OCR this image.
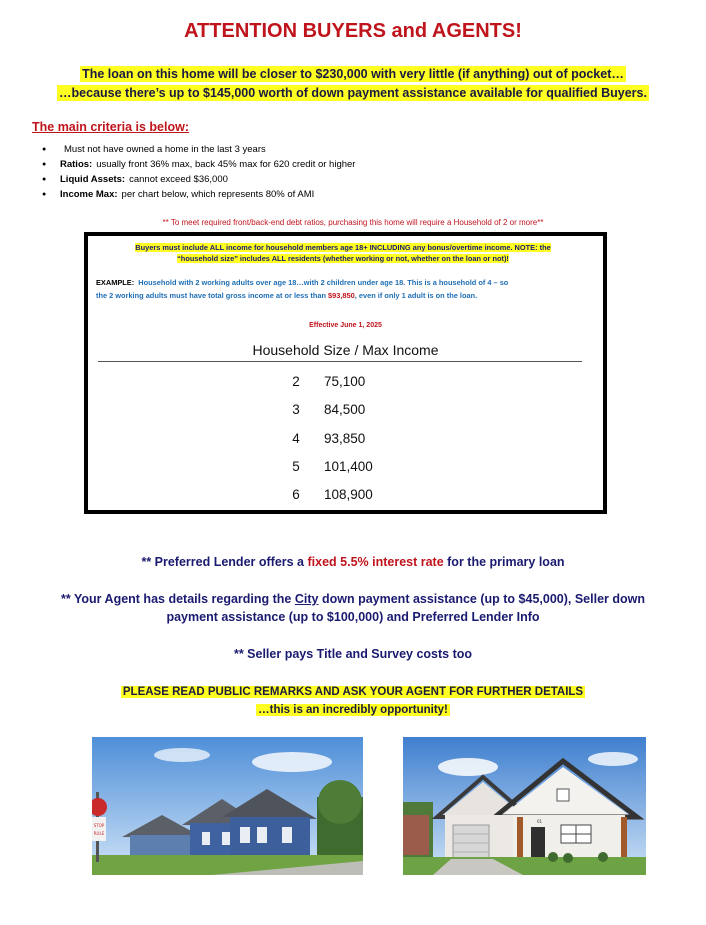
ATTENTION BUYERS and AGENTS!
The loan on this home will be closer to $230,000 with very little (if anything) out of pocket…
…because there’s up to $145,000 worth of down payment assistance available for qualified Buyers.
The main criteria is below:
● Must not have owned a home in the last 3 years
● Ratios: usually front 36% max, back 45% max for 620 credit or higher
● Liquid Assets: cannot exceed $36,000
● Income Max: per chart below, which represents 80% of AMI
** To meet required front/back-end debt ratios, purchasing this home will require a Household of 2 or more**
Buyers must include ALL income for household members age 18+ INCLUDING any bonus/overtime income. NOTE: the
“household size” includes ALL residents (whether working or not, whether on the loan or not)!
EXAMPLE: Household with 2 working adults over age 18…with 2 children under age 18. This is a household of 4 – so
the 2 working adults must have total gross income at or less than $93,850, even if only 1 adult is on the loan.
Effective June 1, 2025
Household Size / Max Income
2	75,100
3	84,500
4	93,850
5	101,400
6	108,900
** Preferred Lender offers a fixed 5.5% interest rate for the primary loan
** Your Agent has details regarding the City down payment assistance (up to $45,000), Seller down
payment assistance (up to $100,000) and Preferred Lender Info
** Seller pays Title and Survey costs too
PLEASE READ PUBLIC REMARKS AND ASK YOUR AGENT FOR FURTHER DETAILS
…this is an incredibly opportunity!
STOP
RULE
01
